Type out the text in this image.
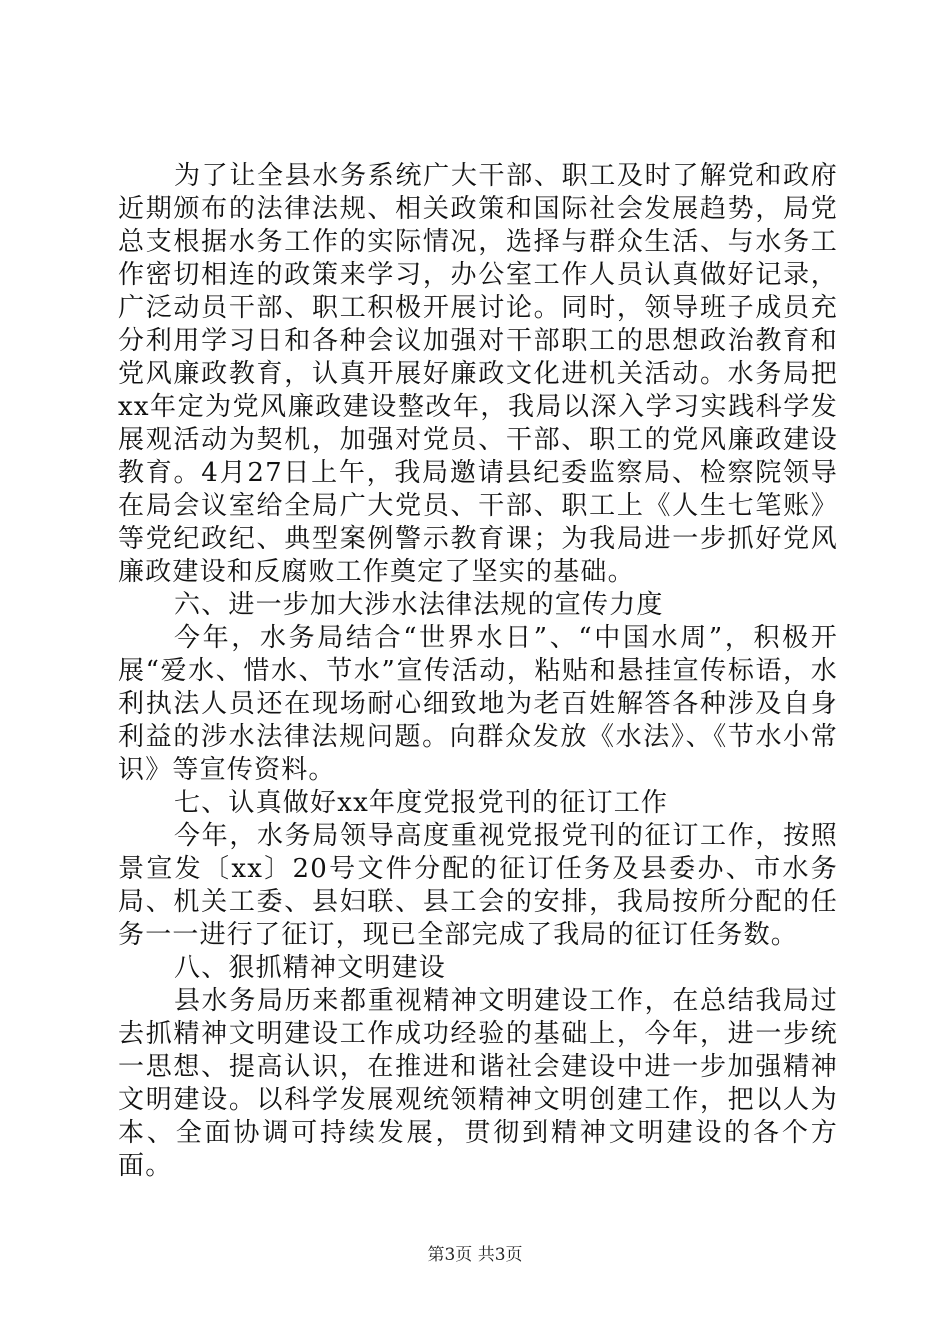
为了让全县水务系统广大干部、职工及时了解党和政府近期颁布的法律法规、相关政策和国际社会发展趋势，局党总支根据水务工作的实际情况，选择与群众生活、与水务工作密切相连的政策来学习，办公室工作人员认真做好记录，广泛动员干部、职工积极开展讨论。同时，领导班子成员充分利用学习日和各种会议加强对干部职工的思想政治教育和党风廉政教育，认真开展好廉政文化进机关活动。水务局把xx年定为党风廉政建设整改年，我局以深入学习实践科学发展观活动为契机，加强对党员、干部、职工的党风廉政建设教育。4月27日上午，我局邀请县纪委监察局、检察院领导在局会议室给全局广大党员、干部、职工上《人生七笔账》等党纪政纪、典型案例警示教育课；为我局进一步抓好党风廉政建设和反腐败工作奠定了坚实的基础。

六、进一步加大涉水法律法规的宣传力度

今年，水务局结合“世界水日”、“中国水周”，积极开展“爱水、惜水、节水”宣传活动，粘贴和悬挂宣传标语，水利执法人员还在现场耐心细致地为老百姓解答各种涉及自身利益的涉水法律法规问题。向群众发放《水法》、《节水小常识》等宣传资料。

七、认真做好xx年度党报党刊的征订工作

今年，水务局领导高度重视党报党刊的征订工作，按照景宣发〔xx〕20号文件分配的征订任务及县委办、市水务局、机关工委、县妇联、县工会的安排，我局按所分配的任务一一进行了征订，现已全部完成了我局的征订任务数。

八、狠抓精神文明建设

县水务局历来都重视精神文明建设工作，在总结我局过去抓精神文明建设工作成功经验的基础上，今年，进一步统一思想、提高认识，在推进和谐社会建设中进一步加强精神文明建设。以科学发展观统领精神文明创建工作，把以人为本、全面协调可持续发展，贯彻到精神文明建设的各个方面。

第3页 共3页
